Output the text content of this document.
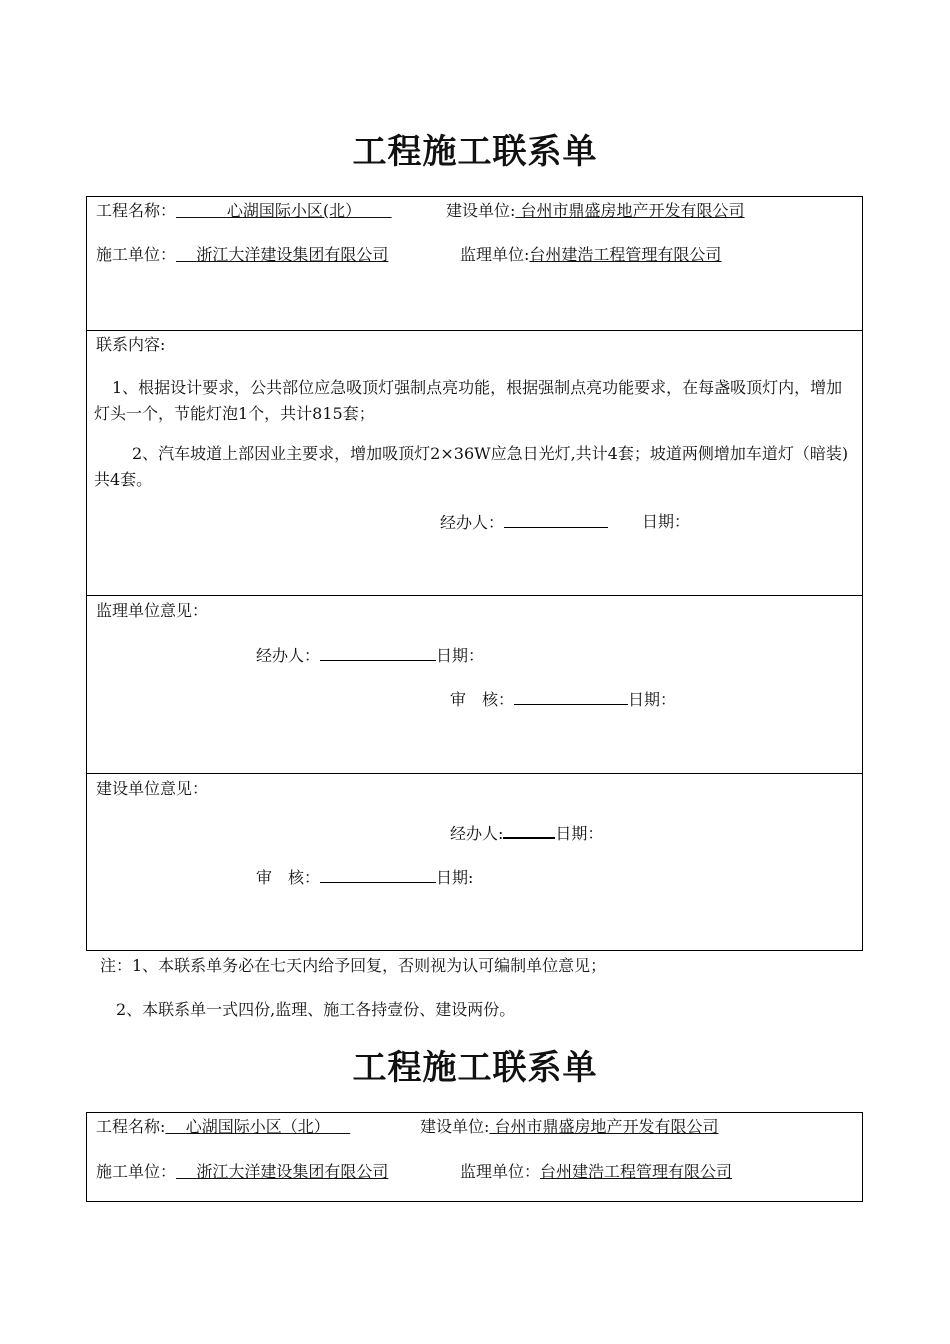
工程施工联系单
工程名称：	心湖国际小区(北）	建设单位: 台州市鼎盛房地产开发有限公司
施工单位： 浙江大洋建设集团有限公司	监理单位:台州建浩工程管理有限公司
联系内容:
1、根据设计要求，公共部位应急吸顶灯强制点亮功能，根据强制点亮功能要求，在每盏吸顶灯内，增加灯头一个，节能灯泡1个，共计815套；
2、汽车坡道上部因业主要求，增加吸顶灯2×36W应急日光灯,共计4套；坡道两侧增加车道灯（暗装)共4套。
经办人：	日期：
监理单位意见：
经办人：	日期：
审　核：	日期：
建设单位意见：
经办人:	日期：
审　核：	日期:
注：1、本联系单务必在七天内给予回复，否则视为认可编制单位意见；
2、本联系单一式四份,监理、施工各持壹份、建设两份。
工程施工联系单
工程名称: 心湖国际小区（北）	建设单位: 台州市鼎盛房地产开发有限公司
施工单位： 浙江大洋建设集团有限公司	监理单位：台州建浩工程管理有限公司
